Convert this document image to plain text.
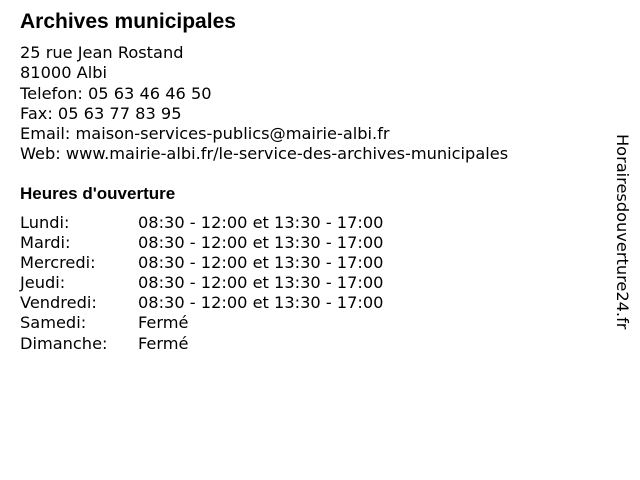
Archives municipales
25 rue Jean Rostand
81000 Albi
Telefon: 05 63 46 46 50
Fax: 05 63 77 83 95
Email: maison-services-publics@mairie-albi.fr
Web: www.mairie-albi.fr/le-service-des-archives-municipales
Heures d'ouverture
Lundi:	08:30 - 12:00 et 13:30 - 17:00
Mardi:	08:30 - 12:00 et 13:30 - 17:00
Mercredi:	08:30 - 12:00 et 13:30 - 17:00
Jeudi:	08:30 - 12:00 et 13:30 - 17:00
Vendredi:	08:30 - 12:00 et 13:30 - 17:00
Samedi:	Fermé
Dimanche: Fermé
Horairesdouverture24.fr
